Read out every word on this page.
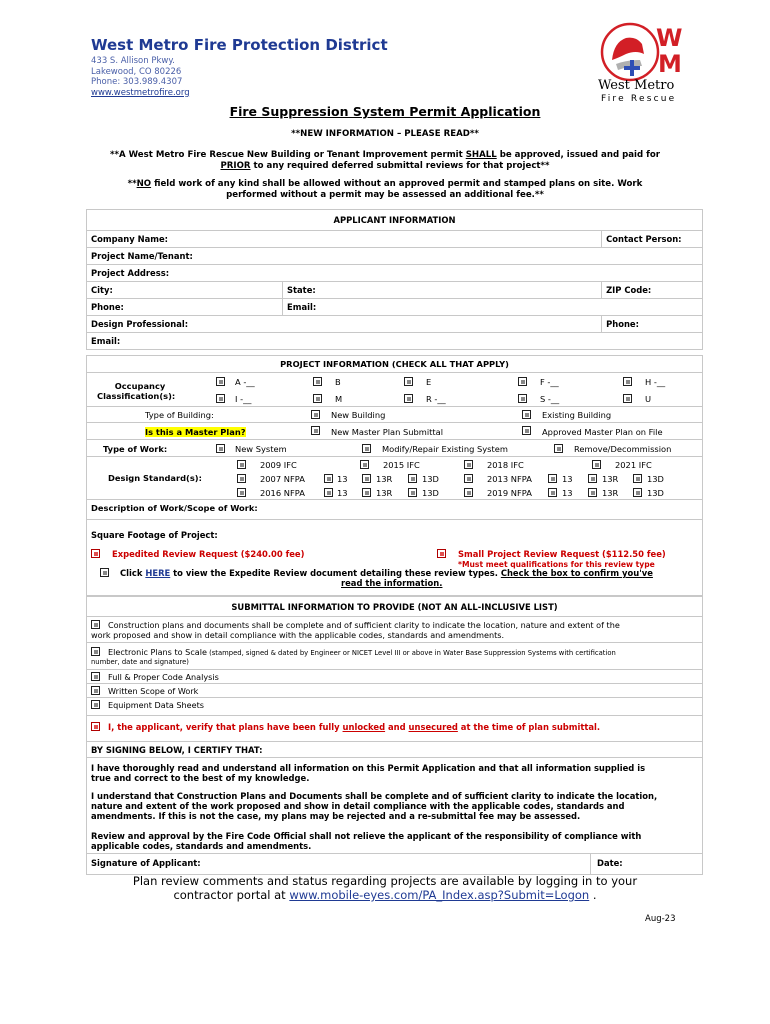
West Metro Fire Protection District
433 S. Allison Pkwy.
Lakewood, CO 80226
Phone: 303.989.4307
www.westmetrofire.org
W
M
West Metro
Fire Rescue
Fire Suppression System Permit Application
**NEW INFORMATION – PLEASE READ**
**A West Metro Fire Rescue New Building or Tenant Improvement permit SHALL be approved, issued and paid for
PRIOR to any required deferred submittal reviews for that project**
**NO field work of any kind shall be allowed without an approved permit and stamped plans on site. Work
performed without a permit may be assessed an additional fee.**
APPLICANT INFORMATION		
Company Name:		Contact Person:
Project Name/Tenant:		
Project Address:		
City:	State:	ZIP Code:
Phone:	Email:	
Design Professional:		Phone:
Email:		
PROJECT INFORMATION (CHECK ALL THAT APPLY)
Occupancy
Classification(s):
A -__	B	E	F -__	H -__
I -__	M	R -__	S -__	U
Type of Building:	New Building	Existing Building
Is this a Master Plan?	New Master Plan Submittal	Approved Master Plan on File
Type of Work:	New System	Modify/Repair Existing System	Remove/Decommission
Design Standard(s):
2009 IFC	2015 IFC	2018 IFC	2021 IFC
2007 NFPA	13	13R	13D	2013 NFPA	13	13R	13D
2016 NFPA	13	13R	13D	2019 NFPA	13	13R	13D
Description of Work/Scope of Work:
Square Footage of Project:
Expedited Review Request ($240.00 fee)	Small Project Review Request ($112.50 fee)
*Must meet qualifications for this review type
Click HERE to view the Expedite Review document detailing these review types. Check the box to confirm you've
read the information.
SUBMITTAL INFORMATION TO PROVIDE (NOT AN ALL-INCLUSIVE LIST)
Construction plans and documents shall be complete and of sufficient clarity to indicate the location, nature and extent of the
work proposed and show in detail compliance with the applicable codes, standards and amendments.
Electronic Plans to Scale (stamped, signed & dated by Engineer or NICET Level III or above in Water Base Suppression Systems with certification
number, date and signature)
Full & Proper Code Analysis
Written Scope of Work
Equipment Data Sheets
I, the applicant, verify that plans have been fully unlocked and unsecured at the time of plan submittal.
BY SIGNING BELOW, I CERTIFY THAT:
I have thoroughly read and understand all information on this Permit Application and that all information supplied is
true and correct to the best of my knowledge.
I understand that Construction Plans and Documents shall be complete and of sufficient clarity to indicate the location,
nature and extent of the work proposed and show in detail compliance with the applicable codes, standards and
amendments. If this is not the case, my plans may be rejected and a re-submittal fee may be assessed.
Review and approval by the Fire Code Official shall not relieve the applicant of the responsibility of compliance with
applicable codes, standards and amendments.
Signature of Applicant:	Date:
Plan review comments and status regarding projects are available by logging in to your
contractor portal at www.mobile-eyes.com/PA_Index.asp?Submit=Logon .
Aug-23
